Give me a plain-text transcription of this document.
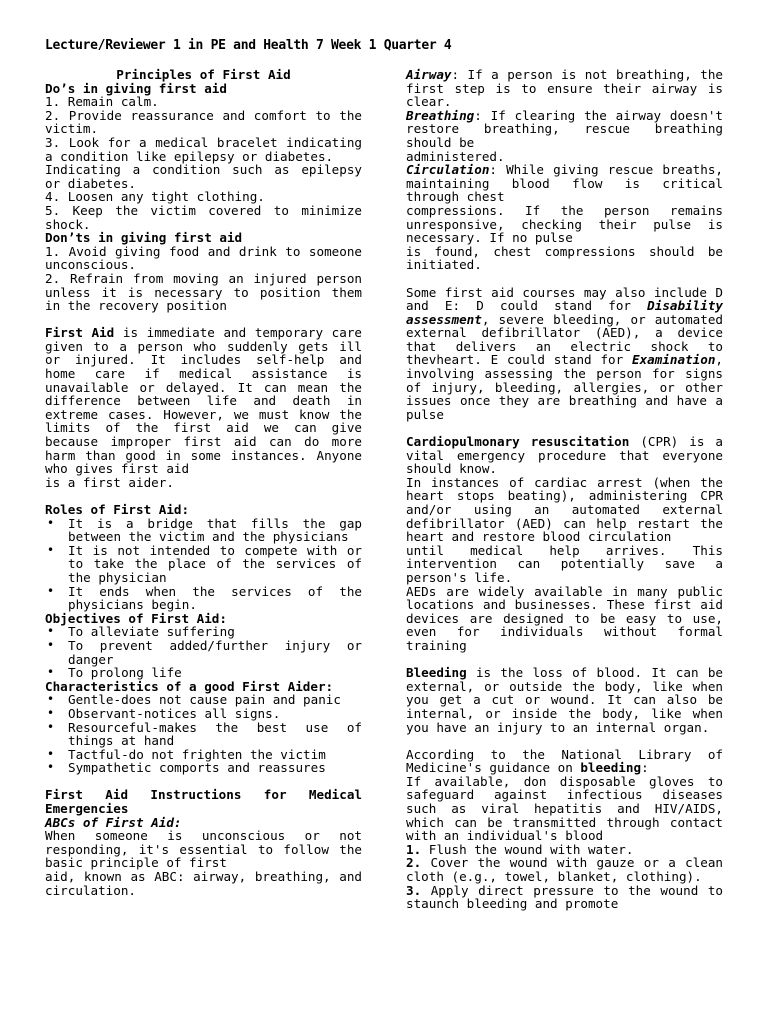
Lecture/Reviewer 1 in PE and Health 7 Week 1 Quarter 4

Principles of First Aid

Do’s in giving first aid

1. Remain calm.

2. Provide reassurance and comfort to the victim.

3. Look for a medical bracelet indicating a condition like epilepsy or diabetes.

Indicating a condition such as epilepsy or diabetes.

4. Loosen any tight clothing.

5. Keep the victim covered to minimize shock.

Don’ts in giving first aid

1. Avoid giving food and drink to someone unconscious.

2. Refrain from moving an injured person unless it is necessary to position them in the recovery position

First Aid is immediate and temporary care given to a person who suddenly gets ill or injured. It includes self-help and home care if medical assistance is unavailable or delayed. It can mean the difference between life and death in extreme cases. However, we must know the limits of the first aid we can give because improper first aid can do more harm than good in some instances. Anyone who gives first aid

is a first aider.

Roles of First Aid:

• It is a bridge that fills the gap between the victim and the physicians
• It is not intended to compete with or to take the place of the services of the physician
• It ends when the services of the physicians begin.

Objectives of First Aid:

• To alleviate suffering
• To prevent added/further injury or danger
• To prolong life

Characteristics of a good First Aider:

• Gentle-does not cause pain and panic
• Observant-notices all signs.
• Resourceful-makes the best use of things at hand
• Tactful-do not frighten the victim
• Sympathetic comports and reassures

First Aid Instructions for Medical Emergencies

ABCs of First Aid:

When someone is unconscious or not responding, it's essential to follow the basic principle of first

aid, known as ABC: airway, breathing, and circulation.

Airway: If a person is not breathing, the first step is to ensure their airway is clear.

Breathing: If clearing the airway doesn't restore breathing, rescue breathing should be

administered.

Circulation: While giving rescue breaths, maintaining blood flow is critical through chest

compressions. If the person remains unresponsive, checking their pulse is necessary. If no pulse

is found, chest compressions should be initiated.

Some first aid courses may also include D and E: D could stand for Disability assessment, severe bleeding, or automated external defibrillator (AED), a device that delivers an electric shock to thevheart. E could stand for Examination, involving assessing the person for signs of injury, bleeding, allergies, or other issues once they are breathing and have a pulse

Cardiopulmonary resuscitation (CPR) is a vital emergency procedure that everyone should know.

In instances of cardiac arrest (when the heart stops beating), administering CPR and/or using an automated external defibrillator (AED) can help restart the heart and restore blood circulation

until medical help arrives. This intervention can potentially save a person's life.

AEDs are widely available in many public locations and businesses. These first aid devices are designed to be easy to use, even for individuals without formal training

Bleeding is the loss of blood. It can be external, or outside the body, like when you get a cut or wound. It can also be internal, or inside the body, like when you have an injury to an internal organ.

According to the National Library of Medicine's guidance on bleeding:

If available, don disposable gloves to safeguard against infectious diseases such as viral hepatitis and HIV/AIDS, which can be transmitted through contact with an individual's blood

1. Flush the wound with water.

2. Cover the wound with gauze or a clean cloth (e.g., towel, blanket, clothing).

3. Apply direct pressure to the wound to staunch bleeding and promote
